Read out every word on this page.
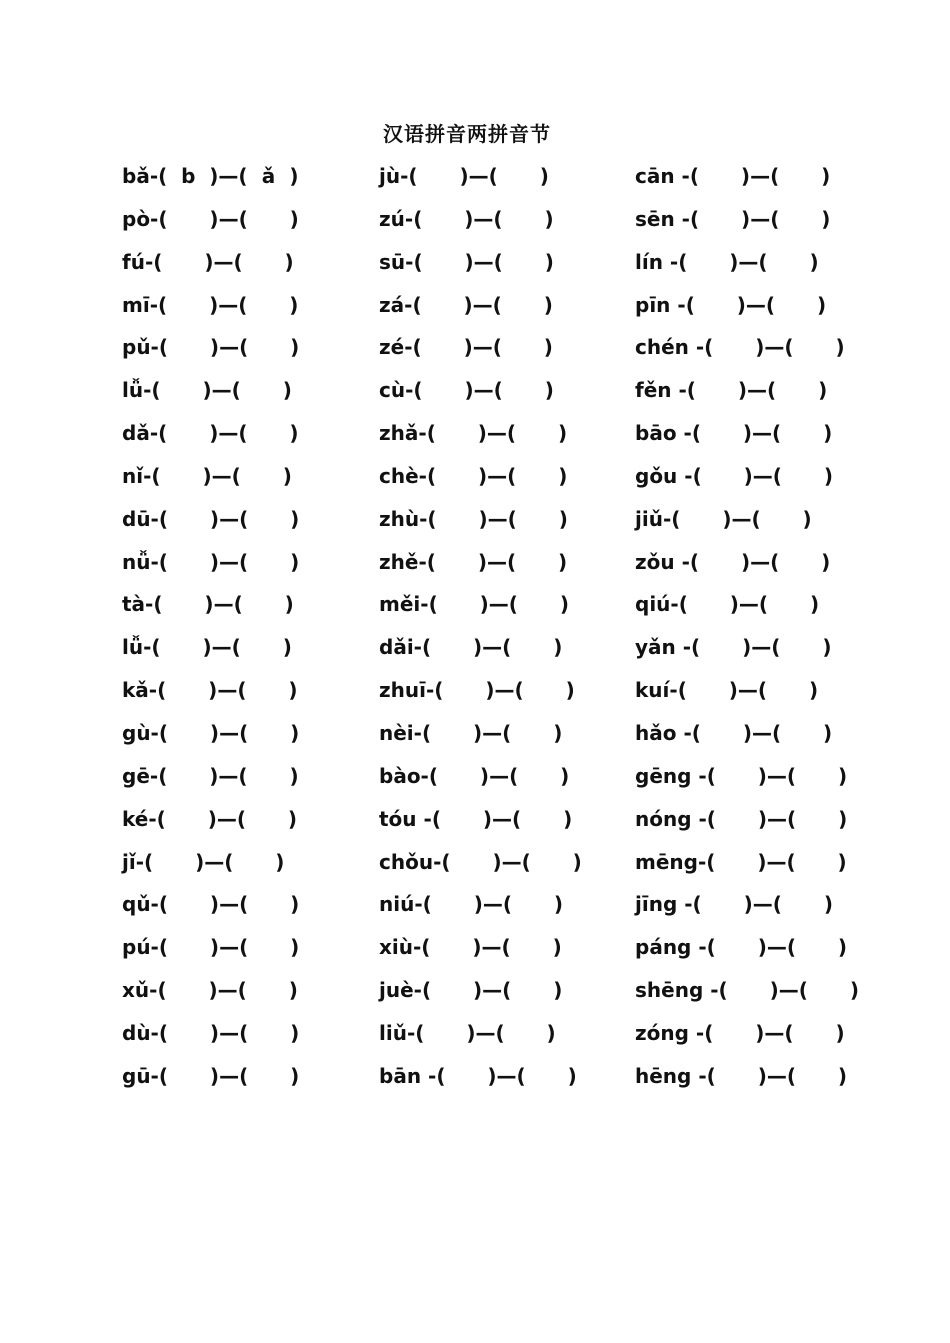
汉语拼音两拼音节
bǎ-( b )—( ǎ )	jù-(  )—(  )	cān -(  )—(  )
pò-(  )—(  )	zú-(  )—(  )	sēn -(  )—(  )
fú-(  )—(  )	sū-(  )—(  )	lín -(  )—(  )
mī-(  )—(  )	zá-(  )—(  )	pīn -(  )—(  )
pǔ-(  )—(  )	zé-(  )—(  )	chén -(  )—(  )
lǚ-(  )—(  )	cù-(  )—(  )	fěn -(  )—(  )
dǎ-(  )—(  )	zhǎ-(  )—(  )	bāo -(  )—(  )
nǐ-(  )—(  )	chè-(  )—(  )	gǒu -(  )—(  )
dū-(  )—(  )	zhù-(  )—(  )	jiǔ-(  )—(  )
nǚ-(  )—(  )	zhě-(  )—(  )	zǒu -(  )—(  )
tà-(  )—(  )	měi-(  )—(  )	qiú-(  )—(  )
lǚ-(  )—(  )	dǎi-(  )—(  )	yǎn -(  )—(  )
kǎ-(  )—(  )	zhuī-(  )—(  )	kuí-(  )—(  )
gù-(  )—(  )	nèi-(  )—(  )	hǎo -(  )—(  )
gē-(  )—(  )	bào-(  )—(  )	gēng -(  )—(  )
ké-(  )—(  )	tóu -(  )—(  )	nóng -(  )—(  )
jǐ-(  )—(  )	chǒu-(  )—(  )	mēng-(  )—(  )
qǔ-(  )—(  )	niú-(  )—(  )	jīng -(  )—(  )
pú-(  )—(  )	xiù-(  )—(  )	páng -(  )—(  )
xǔ-(  )—(  )	juè-(  )—(  )	shēng -(  )—(  )
dù-(  )—(  )	liǔ-(  )—(  )	zóng -(  )—(  )
gū-(  )—(  )	bān -(  )—(  )	hēng -(  )—(  )
